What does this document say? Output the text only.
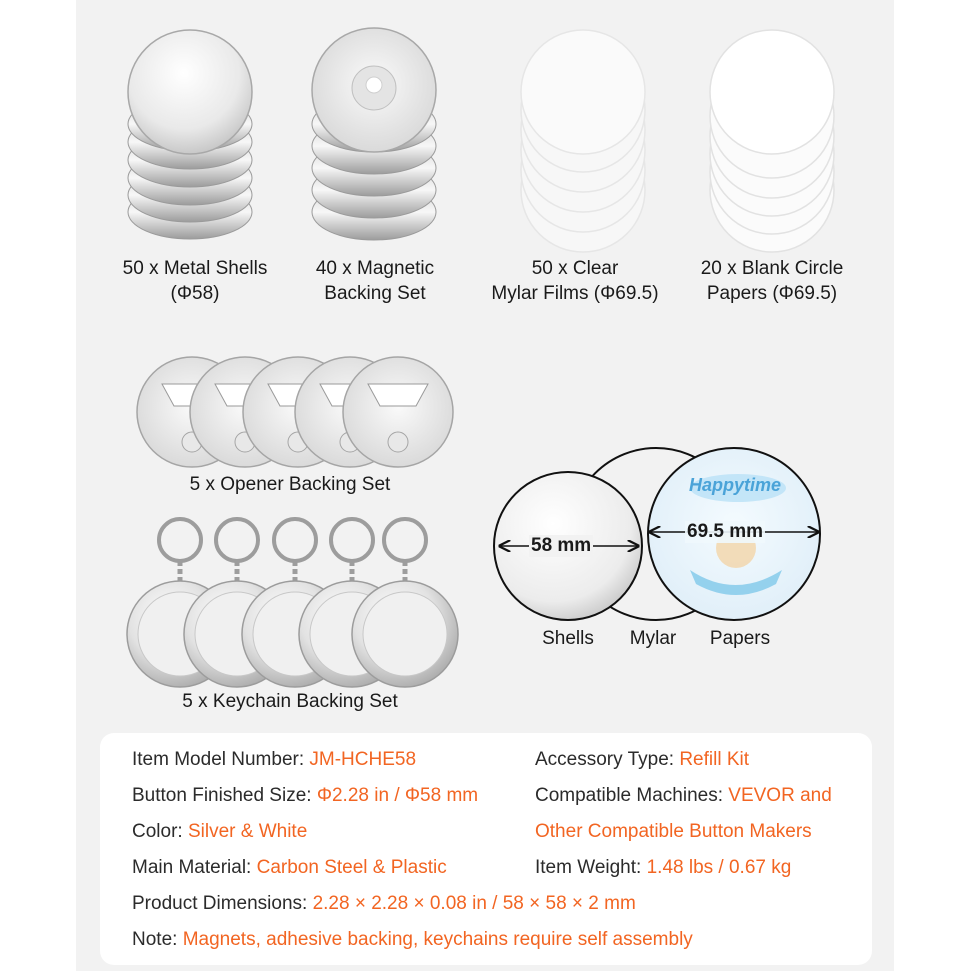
50 x Metal Shells
(Φ58)
40 x Magnetic
Backing Set
50 x Clear
Mylar Films (Φ69.5)
20 x Blank Circle
Papers (Φ69.5)
5 x Opener Backing Set
5 x Keychain Backing Set
58 mm
69.5 mm
Happytime
Shells	Mylar	Papers
Item Model Number: JM-HCHE58	Accessory Type: Refill Kit
Button Finished Size: Φ2.28 in / Φ58 mm	Compatible Machines: VEVOR and
Color: Silver & White	Other Compatible Button Makers
Main Material: Carbon Steel & Plastic	Item Weight: 1.48 lbs / 0.67 kg
Product Dimensions: 2.28 × 2.28 × 0.08 in / 58 × 58 × 2 mm
Note: Magnets, adhesive backing, keychains require self assembly
